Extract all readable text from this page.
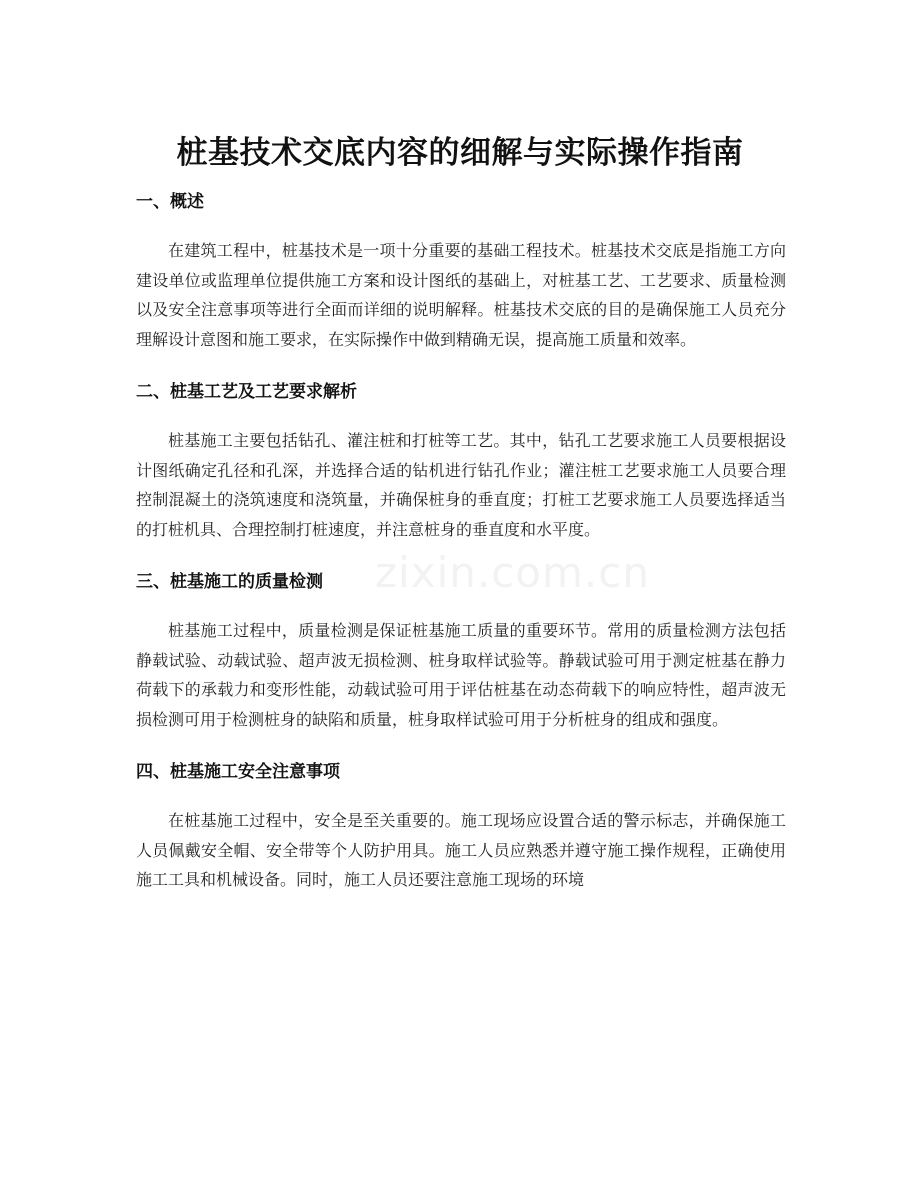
桩基技术交底内容的细解与实际操作指南
zixin.com.cn
一、概述

在建筑工程中，桩基技术是一项十分重要的基础工程技术。桩基技术交底是指施工方向建设单位或监理单位提供施工方案和设计图纸的基础上，对桩基工艺、工艺要求、质量检测以及安全注意事项等进行全面而详细的说明解释。桩基技术交底的目的是确保施工人员充分理解设计意图和施工要求，在实际操作中做到精确无误，提高施工质量和效率。

二、桩基工艺及工艺要求解析

桩基施工主要包括钻孔、灌注桩和打桩等工艺。其中，钻孔工艺要求施工人员要根据设计图纸确定孔径和孔深，并选择合适的钻机进行钻孔作业；灌注桩工艺要求施工人员要合理控制混凝土的浇筑速度和浇筑量，并确保桩身的垂直度；打桩工艺要求施工人员要选择适当的打桩机具、合理控制打桩速度，并注意桩身的垂直度和水平度。

三、桩基施工的质量检测

桩基施工过程中，质量检测是保证桩基施工质量的重要环节。常用的质量检测方法包括静载试验、动载试验、超声波无损检测、桩身取样试验等。静载试验可用于测定桩基在静力荷载下的承载力和变形性能，动载试验可用于评估桩基在动态荷载下的响应特性，超声波无损检测可用于检测桩身的缺陷和质量，桩身取样试验可用于分析桩身的组成和强度。

四、桩基施工安全注意事项

在桩基施工过程中，安全是至关重要的。施工现场应设置合适的警示标志，并确保施工人员佩戴安全帽、安全带等个人防护用具。施工人员应熟悉并遵守施工操作规程，正确使用施工工具和机械设备。同时，施工人员还要注意施工现场的环境
